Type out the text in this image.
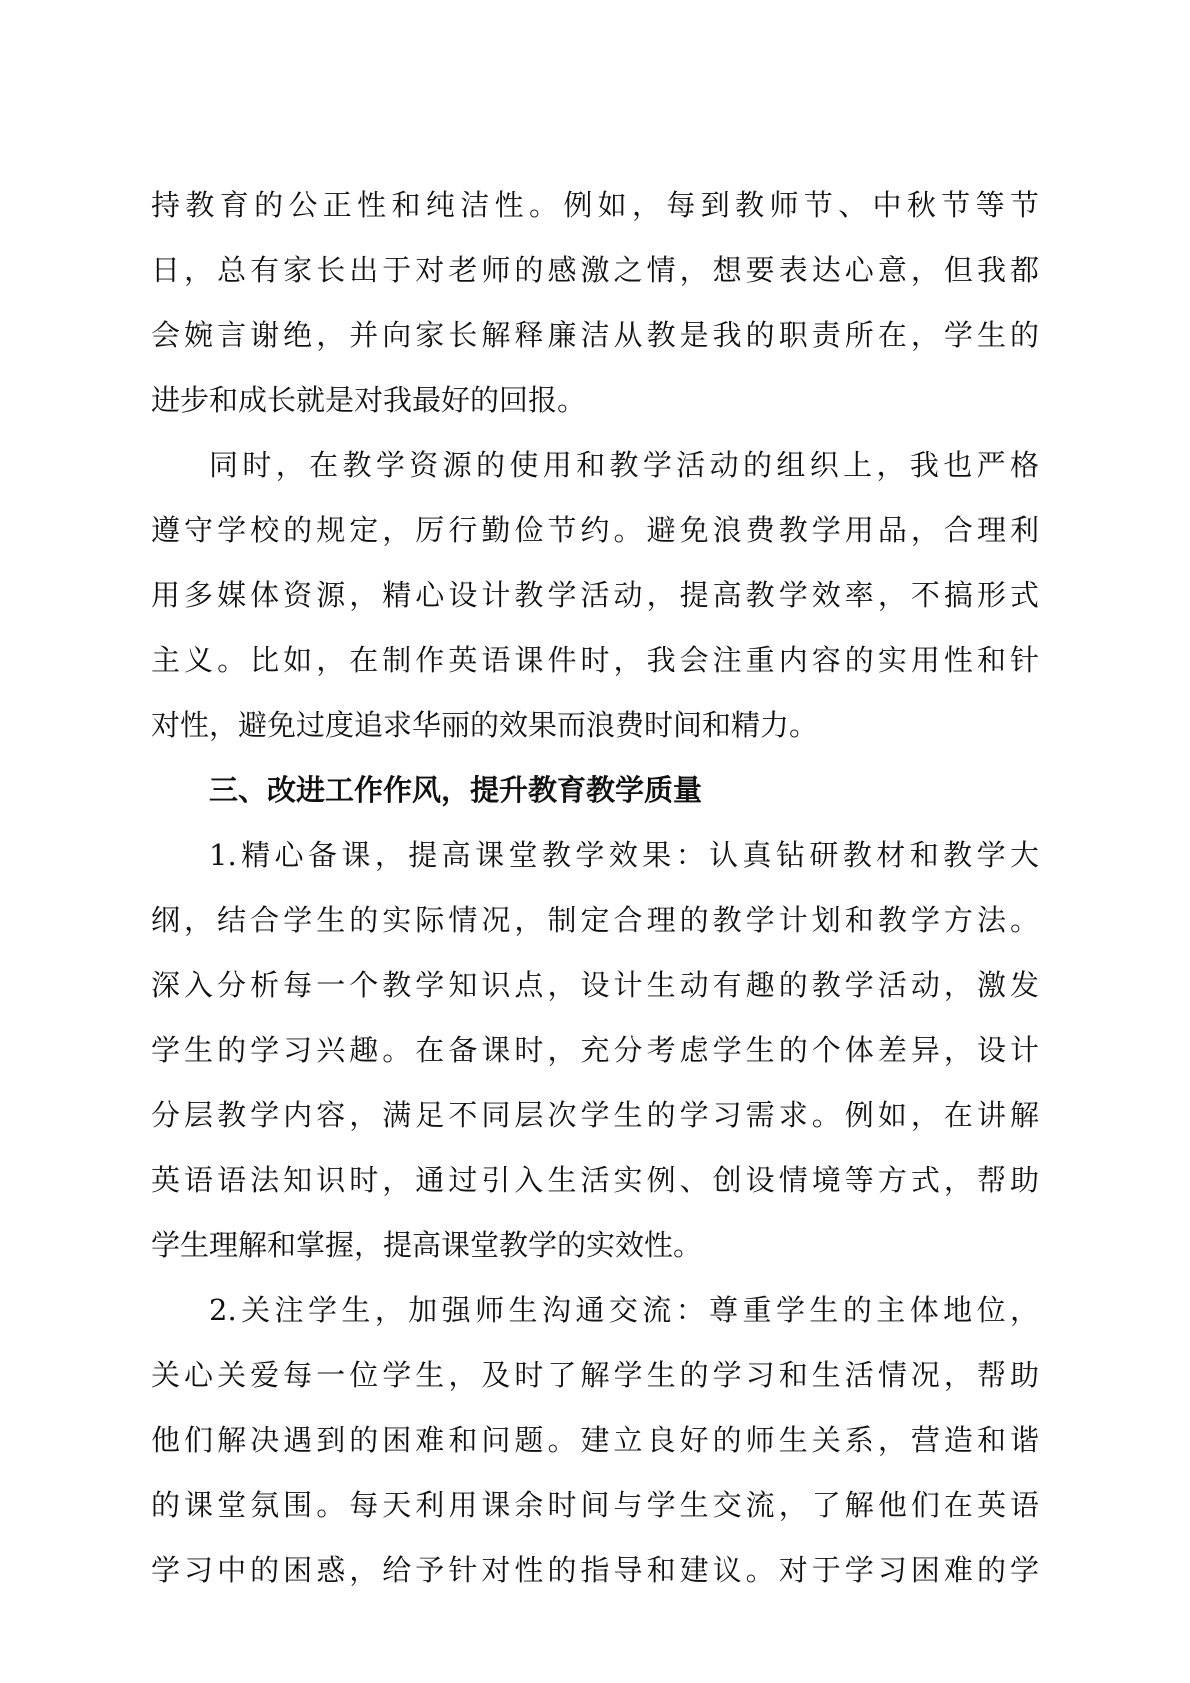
持教育的公正性和纯洁性。例如，每到教师节、中秋节等节
日，总有家长出于对老师的感激之情，想要表达心意，但我都
会婉言谢绝，并向家长解释廉洁从教是我的职责所在，学生的
进步和成长就是对我最好的回报。
同时，在教学资源的使用和教学活动的组织上，我也严格
遵守学校的规定，厉行勤俭节约。避免浪费教学用品，合理利
用多媒体资源，精心设计教学活动，提高教学效率，不搞形式
主义。比如，在制作英语课件时，我会注重内容的实用性和针
对性，避免过度追求华丽的效果而浪费时间和精力。
三、改进工作作风，提升教育教学质量
1.精心备课，提高课堂教学效果：认真钻研教材和教学大
纲，结合学生的实际情况，制定合理的教学计划和教学方法。
深入分析每一个教学知识点，设计生动有趣的教学活动，激发
学生的学习兴趣。在备课时，充分考虑学生的个体差异，设计
分层教学内容，满足不同层次学生的学习需求。例如，在讲解
英语语法知识时，通过引入生活实例、创设情境等方式，帮助
学生理解和掌握，提高课堂教学的实效性。
2.关注学生，加强师生沟通交流：尊重学生的主体地位，
关心关爱每一位学生，及时了解学生的学习和生活情况，帮助
他们解决遇到的困难和问题。建立良好的师生关系，营造和谐
的课堂氛围。每天利用课余时间与学生交流，了解他们在英语
学习中的困惑，给予针对性的指导和建议。对于学习困难的学
